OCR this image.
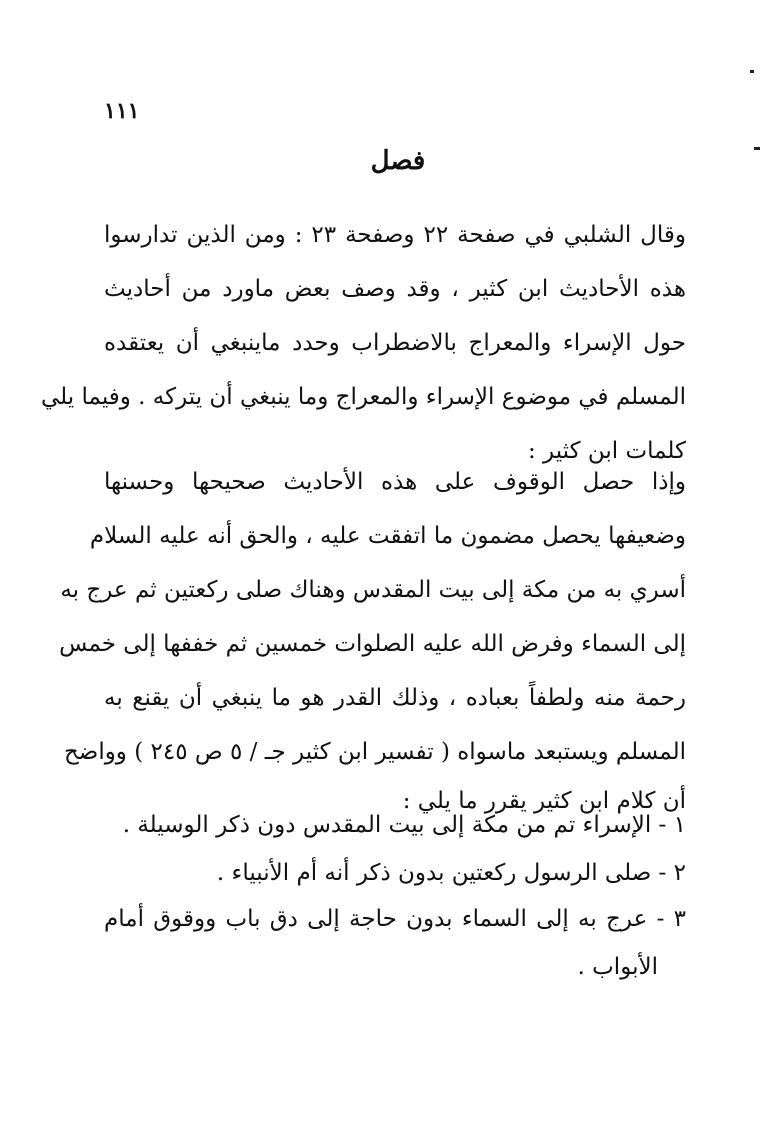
١١١
فصل
وقال الشلبي في صفحة ٢٢ وصفحة ٢٣ : ومن الذين تدارسوا
هذه الأحاديث ابن كثير ، وقد وصف بعض ماورد من أحاديث
حول الإسراء والمعراج بالاضطراب وحدد ماينبغي أن يعتقده
المسلم في موضوع الإسراء والمعراج وما ينبغي أن يتركه . وفيما يلي
كلمات ابن كثير :
وإذا حصل الوقوف على هذه الأحاديث صحيحها وحسنها
وضعيفها يحصل مضمون ما اتفقت عليه ، والحق أنه عليه السلام
أسري به من مكة إلى بيت المقدس وهناك صلى ركعتين ثم عرج به
إلى السماء وفرض الله عليه الصلوات خمسين ثم خففها إلى خمس
رحمة منه ولطفاً بعباده ، وذلك القدر هو ما ينبغي أن يقنع به
المسلم ويستبعد ماسواه ( تفسير ابن كثير جـ / ٥ ص ٢٤٥ ) وواضح
أن كلام ابن كثير يقرر ما يلي :
١ - الإسراء تم من مكة إلى بيت المقدس دون ذكر الوسيلة .
٢ - صلى الرسول ركعتين بدون ذكر أنه أم الأنبياء .
٣ - عرج به إلى السماء بدون حاجة إلى دق باب ووقوق أمام
الأبواب .
